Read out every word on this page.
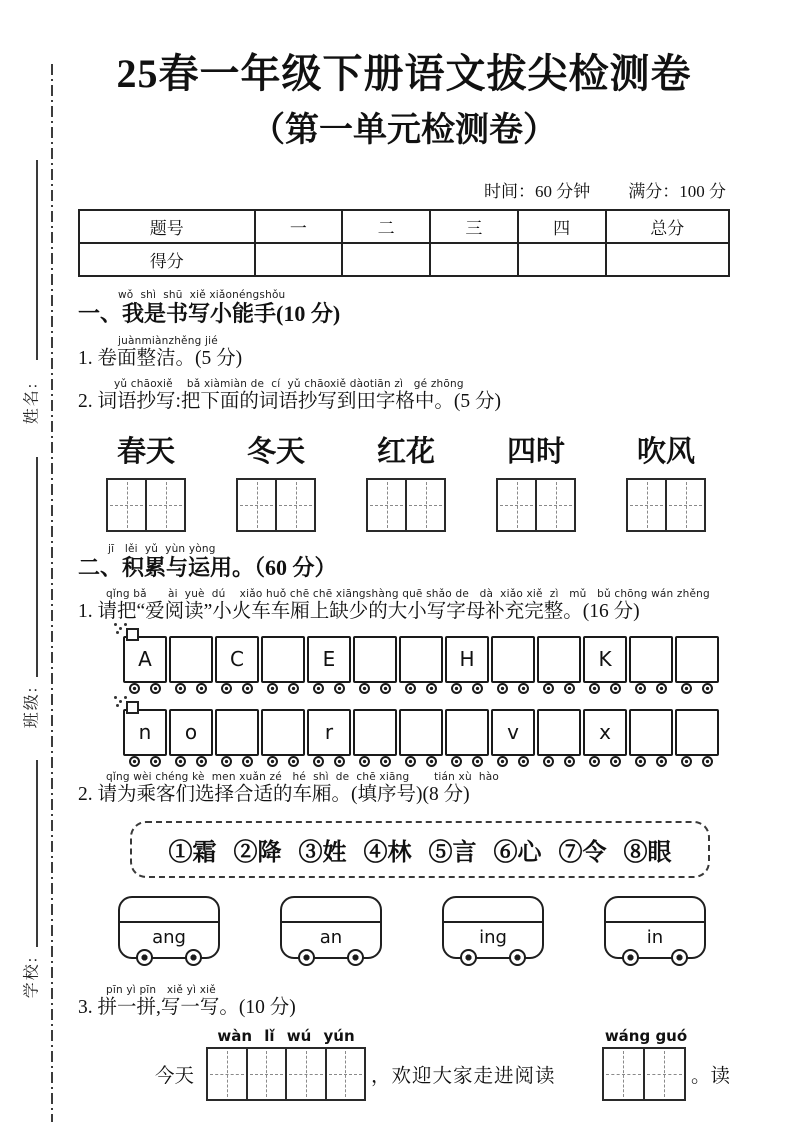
姓名:
班级:
学校:
25春一年级下册语文拔尖检测卷
（第一单元检测卷）
时间：60 分钟 满分：100 分
题号	一	二	三	四	总分
得分					
wǒ  shì  shū  xiě xiǎonéngshǒu
一、我是书写小能手(10 分)
juànmiànzhěng jié
1. 卷面整洁。(5 分)
yǔ chāoxiě    bǎ xiàmiàn de  cí  yǔ chāoxiě dàotiān zì   gé zhōng
2. 词语抄写:把下面的词语抄写到田字格中。(5 分)
春天	冬天	红花	四时	吹风
jī   lěi  yǔ  yùn yòng
二、积累与运用。（60 分）
qǐng bǎ      ài  yuè  dú    xiǎo huǒ chē chē xiāngshàng quē shǎo de   dà  xiǎo xiě  zì   mǔ   bǔ chōng wán zhěng
1. 请把“爱阅读”小火车车厢上缺少的大小写字母补充完整。(16 分)
A	C	E	H	K
n o	r	v	x
qǐng wèi chéng kè  men xuǎn zé   hé  shì  de  chē xiāng       tián xù  hào
2. 请为乘客们选择合适的车厢。(填序号)(8 分)
①霜 ②降 ③姓 ④林 ⑤言 ⑥心 ⑦令 ⑧眼
ang	an	ing	in
pīn yì pīn   xiě yì xiě
3. 拼一拼,写一写。(10 分)
wàn lǐ wú yún	wáng guó
今天	，欢迎大家走进阅读	。读
